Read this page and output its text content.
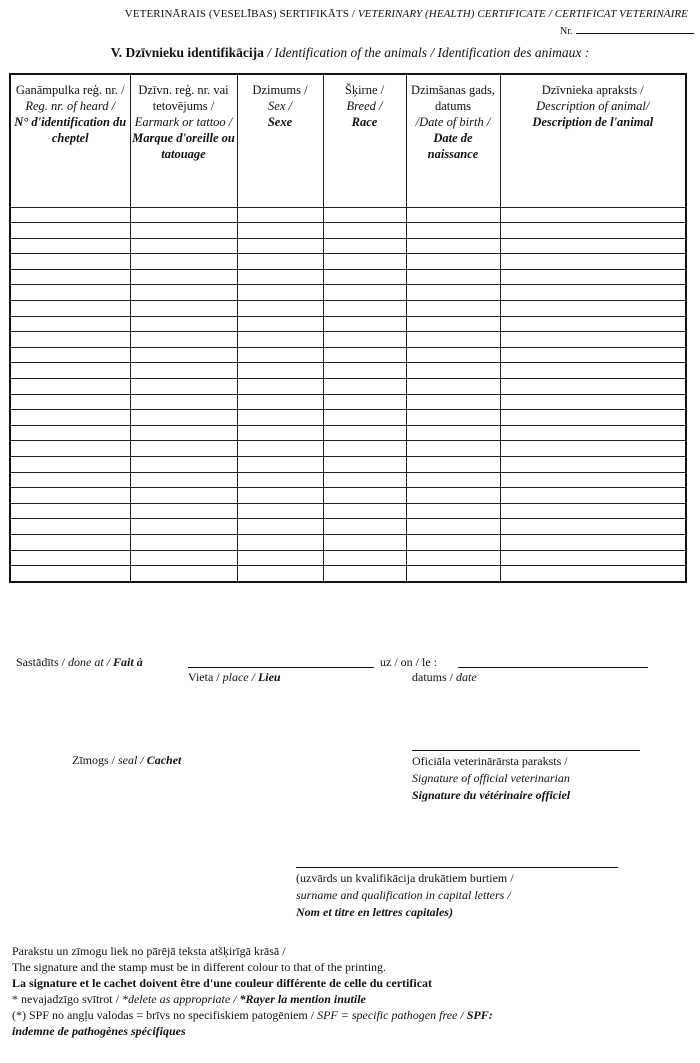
VETERINĀRAIS (VESELĪBAS) SERTIFIKĀTS / VETERINARY (HEALTH) CERTIFICATE / CERTIFICAT VETERINAIRE
Nr.
V. Dzīvnieku identifikācija / Identification of the animals / Identification des animaux :
Ganāmpulka reģ. nr. /
Reg. nr. of heard /
N° d'identification du cheptel	Dzīvn. reģ. nr. vai tetovējums /
Earmark or tattoo /
Marque d'oreille ou tatouage	Dzimums /
Sex /
Sexe	Šķirne /
Breed /
Race	Dzimšanas gads, datums
/Date of birth /
Date de naissance	Dzīvnieka apraksts /
Description of animal/
Description de l'animal

Sastādīts / done at / Fait à	uz / on / le :
Vieta / place / Lieu	datums / date
Zīmogs / seal / Cachet	Oficiāla veterinārārsta paraksts /
Signature of official veterinarian
Signature du vétérinaire officiel
(uzvārds un kvalifikācija drukātiem burtiem /
surname and qualification in capital letters /
Nom et titre en lettres capitales)
Parakstu un zīmogu liek no pārējā teksta atšķirīgā krāsā /
The signature and the stamp must be in different colour to that of the printing.
La signature et le cachet doivent être d'une couleur différente de celle du certificat
* nevajadzīgo svītrot / *delete as appropriate / *Rayer la mention inutile
(*) SPF no angļu valodas = brīvs no specifiskiem patogēniem / SPF = specific pathogen free / SPF:
indemne de pathogènes spécifiques
